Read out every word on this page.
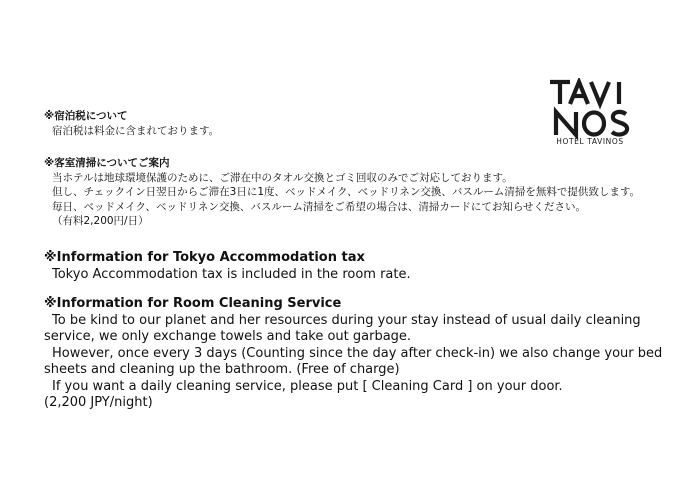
HOTEL TAVINOS
※宿泊税について
宿泊税は料金に含まれております。
※客室清掃についてご案内
当ホテルは地球環境保護のために、ご滞在中のタオル交換とゴミ回収のみでご対応しております。
但し、チェックイン日翌日からご滞在3日に1度、ベッドメイク、ベッドリネン交換、バスルーム清掃を無料で提供致します。
毎日、ベッドメイク、ベッドリネン交換、バスルーム清掃をご希望の場合は、清掃カードにてお知らせください。
（有料2,200円/日）
※Information for Tokyo Accommodation tax
Tokyo Accommodation tax is included in the room rate.
※Information for Room Cleaning Service
To be kind to our planet and her resources during your stay instead of usual daily cleaning
service, we only exchange towels and take out garbage.
However, once every 3 days (Counting since the day after check-in) we also change your bed
sheets and cleaning up the bathroom. (Free of charge)
If you want a daily cleaning service, please put [ Cleaning Card ] on your door.
(2,200 JPY/night)
